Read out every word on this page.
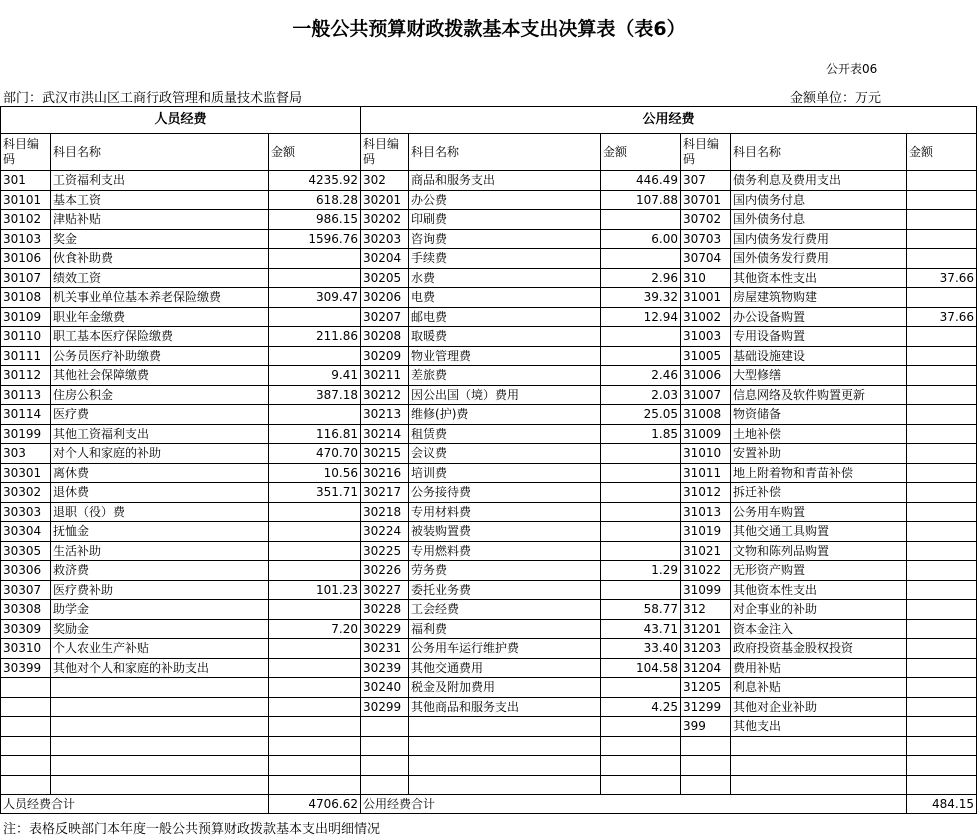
一般公共预算财政拨款基本支出决算表（表6）
公开表06
部门：武汉市洪山区工商行政管理和质量技术监督局	金额单位：万元
人员经费			公用经费					
科目编码	科目名称	金额	科目编码	科目名称	金额	科目编码	科目名称	金额
301	工资福利支出	4235.92	302	商品和服务支出	446.49	307	债务利息及费用支出	
30101	基本工资	618.28	30201	办公费	107.88	30701	国内债务付息	
30102	津贴补贴	986.15	30202	印刷费		30702	国外债务付息	
30103	奖金	1596.76	30203	咨询费	6.00	30703	国内债务发行费用	
30106	伙食补助费		30204	手续费		30704	国外债务发行费用	
30107	绩效工资		30205	水费	2.96	310	其他资本性支出	37.66
30108	机关事业单位基本养老保险缴费	309.47	30206	电费	39.32	31001	房屋建筑物购建	
30109	职业年金缴费		30207	邮电费	12.94	31002	办公设备购置	37.66
30110	职工基本医疗保险缴费	211.86	30208	取暖费		31003	专用设备购置	
30111	公务员医疗补助缴费		30209	物业管理费		31005	基础设施建设	
30112	其他社会保障缴费	9.41	30211	差旅费	2.46	31006	大型修缮	
30113	住房公积金	387.18	30212	因公出国（境）费用	2.03	31007	信息网络及软件购置更新	
30114	医疗费		30213	维修(护)费	25.05	31008	物资储备	
30199	其他工资福利支出	116.81	30214	租赁费	1.85	31009	土地补偿	
303	对个人和家庭的补助	470.70	30215	会议费		31010	安置补助	
30301	离休费	10.56	30216	培训费		31011	地上附着物和青苗补偿	
30302	退休费	351.71	30217	公务接待费		31012	拆迁补偿	
30303	退职（役）费		30218	专用材料费		31013	公务用车购置	
30304	抚恤金		30224	被装购置费		31019	其他交通工具购置	
30305	生活补助		30225	专用燃料费		31021	文物和陈列品购置	
30306	救济费		30226	劳务费	1.29	31022	无形资产购置	
30307	医疗费补助	101.23	30227	委托业务费		31099	其他资本性支出	
30308	助学金		30228	工会经费	58.77	312	对企事业的补助	
30309	奖励金	7.20	30229	福利费	43.71	31201	资本金注入	
30310	个人农业生产补贴		30231	公务用车运行维护费	33.40	31203	政府投资基金股权投资	
30399	其他对个人和家庭的补助支出		30239	其他交通费用	104.58	31204	费用补贴	
			30240	税金及附加费用		31205	利息补贴	
			30299	其他商品和服务支出	4.25	31299	其他对企业补助	
						399	其他支出	

人员经费合计		4706.62	公用经费合计					484.15
注：表格反映部门本年度一般公共预算财政拨款基本支出明细情况
